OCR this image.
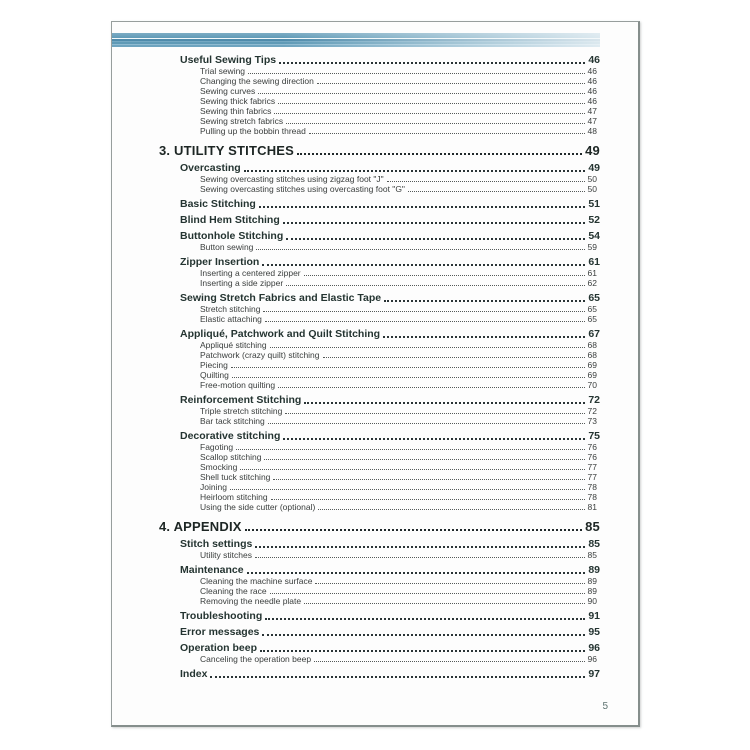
Useful Sewing Tips	46
Trial sewing	46
Changing the sewing direction	46
Sewing curves	46
Sewing thick fabrics	46
Sewing thin fabrics	47
Sewing stretch fabrics	47
Pulling up the bobbin thread	48
3. UTILITY STITCHES	49
Overcasting	49
Sewing overcasting stitches using zigzag foot "J"	50
Sewing overcasting stitches using overcasting foot "G"	50
Basic Stitching	51
Blind Hem Stitching	52
Buttonhole Stitching	54
Button sewing	59
Zipper Insertion	61
Inserting a centered zipper	61
Inserting a side zipper	62
Sewing Stretch Fabrics and Elastic Tape	65
Stretch stitching	65
Elastic attaching	65
Appliqué, Patchwork and Quilt Stitching	67
Appliqué stitching	68
Patchwork (crazy quilt) stitching	68
Piecing	69
Quilting	69
Free-motion quilting	70
Reinforcement Stitching	72
Triple stretch stitching	72
Bar tack stitching	73
Decorative stitching	75
Fagoting	76
Scallop stitching	76
Smocking	77
Shell tuck stitching	77
Joining	78
Heirloom stitching	78
Using the side cutter (optional)	81
4. APPENDIX	85
Stitch settings	85
Utility stitches	85
Maintenance	89
Cleaning the machine surface	89
Cleaning the race	89
Removing the needle plate	90
Troubleshooting	91
Error messages	95
Operation beep	96
Canceling the operation beep	96
Index	97
5
